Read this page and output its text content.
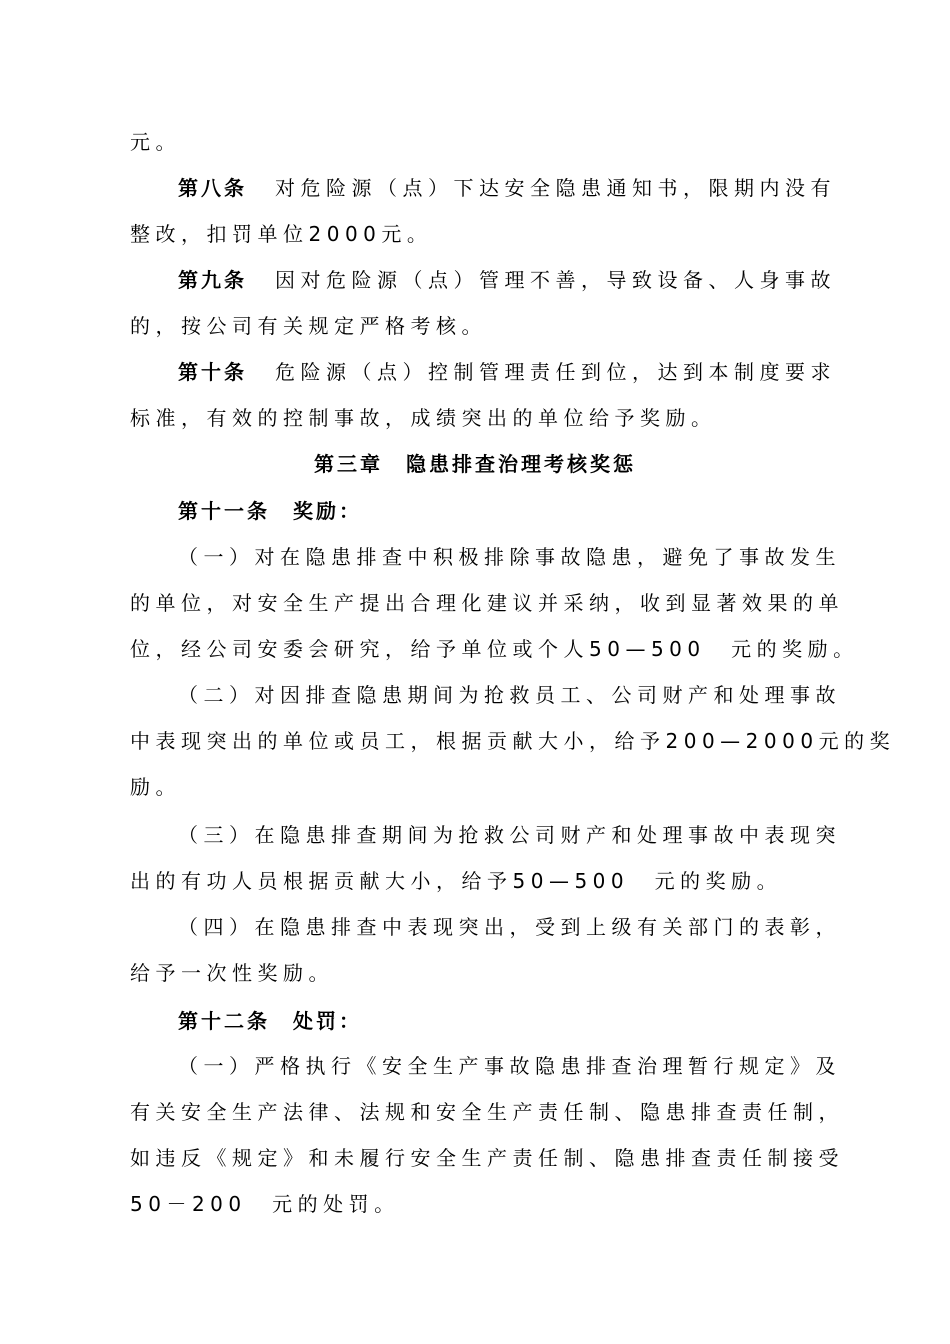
元。
第八条 对危险源（点）下达安全隐患通知书，限期内没有
整改，扣罚单位2000元。
第九条 因对危险源（点）管理不善，导致设备、人身事故
的，按公司有关规定严格考核。
第十条 危险源（点）控制管理责任到位，达到本制度要求
标准，有效的控制事故，成绩突出的单位给予奖励。
第三章　隐患排查治理考核奖惩
第十一条　奖励：
（一）对在隐患排查中积极排除事故隐患，避免了事故发生
的单位，对安全生产提出合理化建议并采纳，收到显著效果的单
位，经公司安委会研究，给予单位或个人50—500　元的奖励。
（二）对因排查隐患期间为抢救员工、公司财产和处理事故
中表现突出的单位或员工，根据贡献大小，给予200—2000元的奖
励。
（三）在隐患排查期间为抢救公司财产和处理事故中表现突
出的有功人员根据贡献大小，给予50—500　元的奖励。
（四）在隐患排查中表现突出，受到上级有关部门的表彰，
给予一次性奖励。
第十二条　处罚：
（一）严格执行《安全生产事故隐患排查治理暂行规定》及
有关安全生产法律、法规和安全生产责任制、隐患排查责任制，
如违反《规定》和未履行安全生产责任制、隐患排查责任制接受
50－200　元的处罚。
